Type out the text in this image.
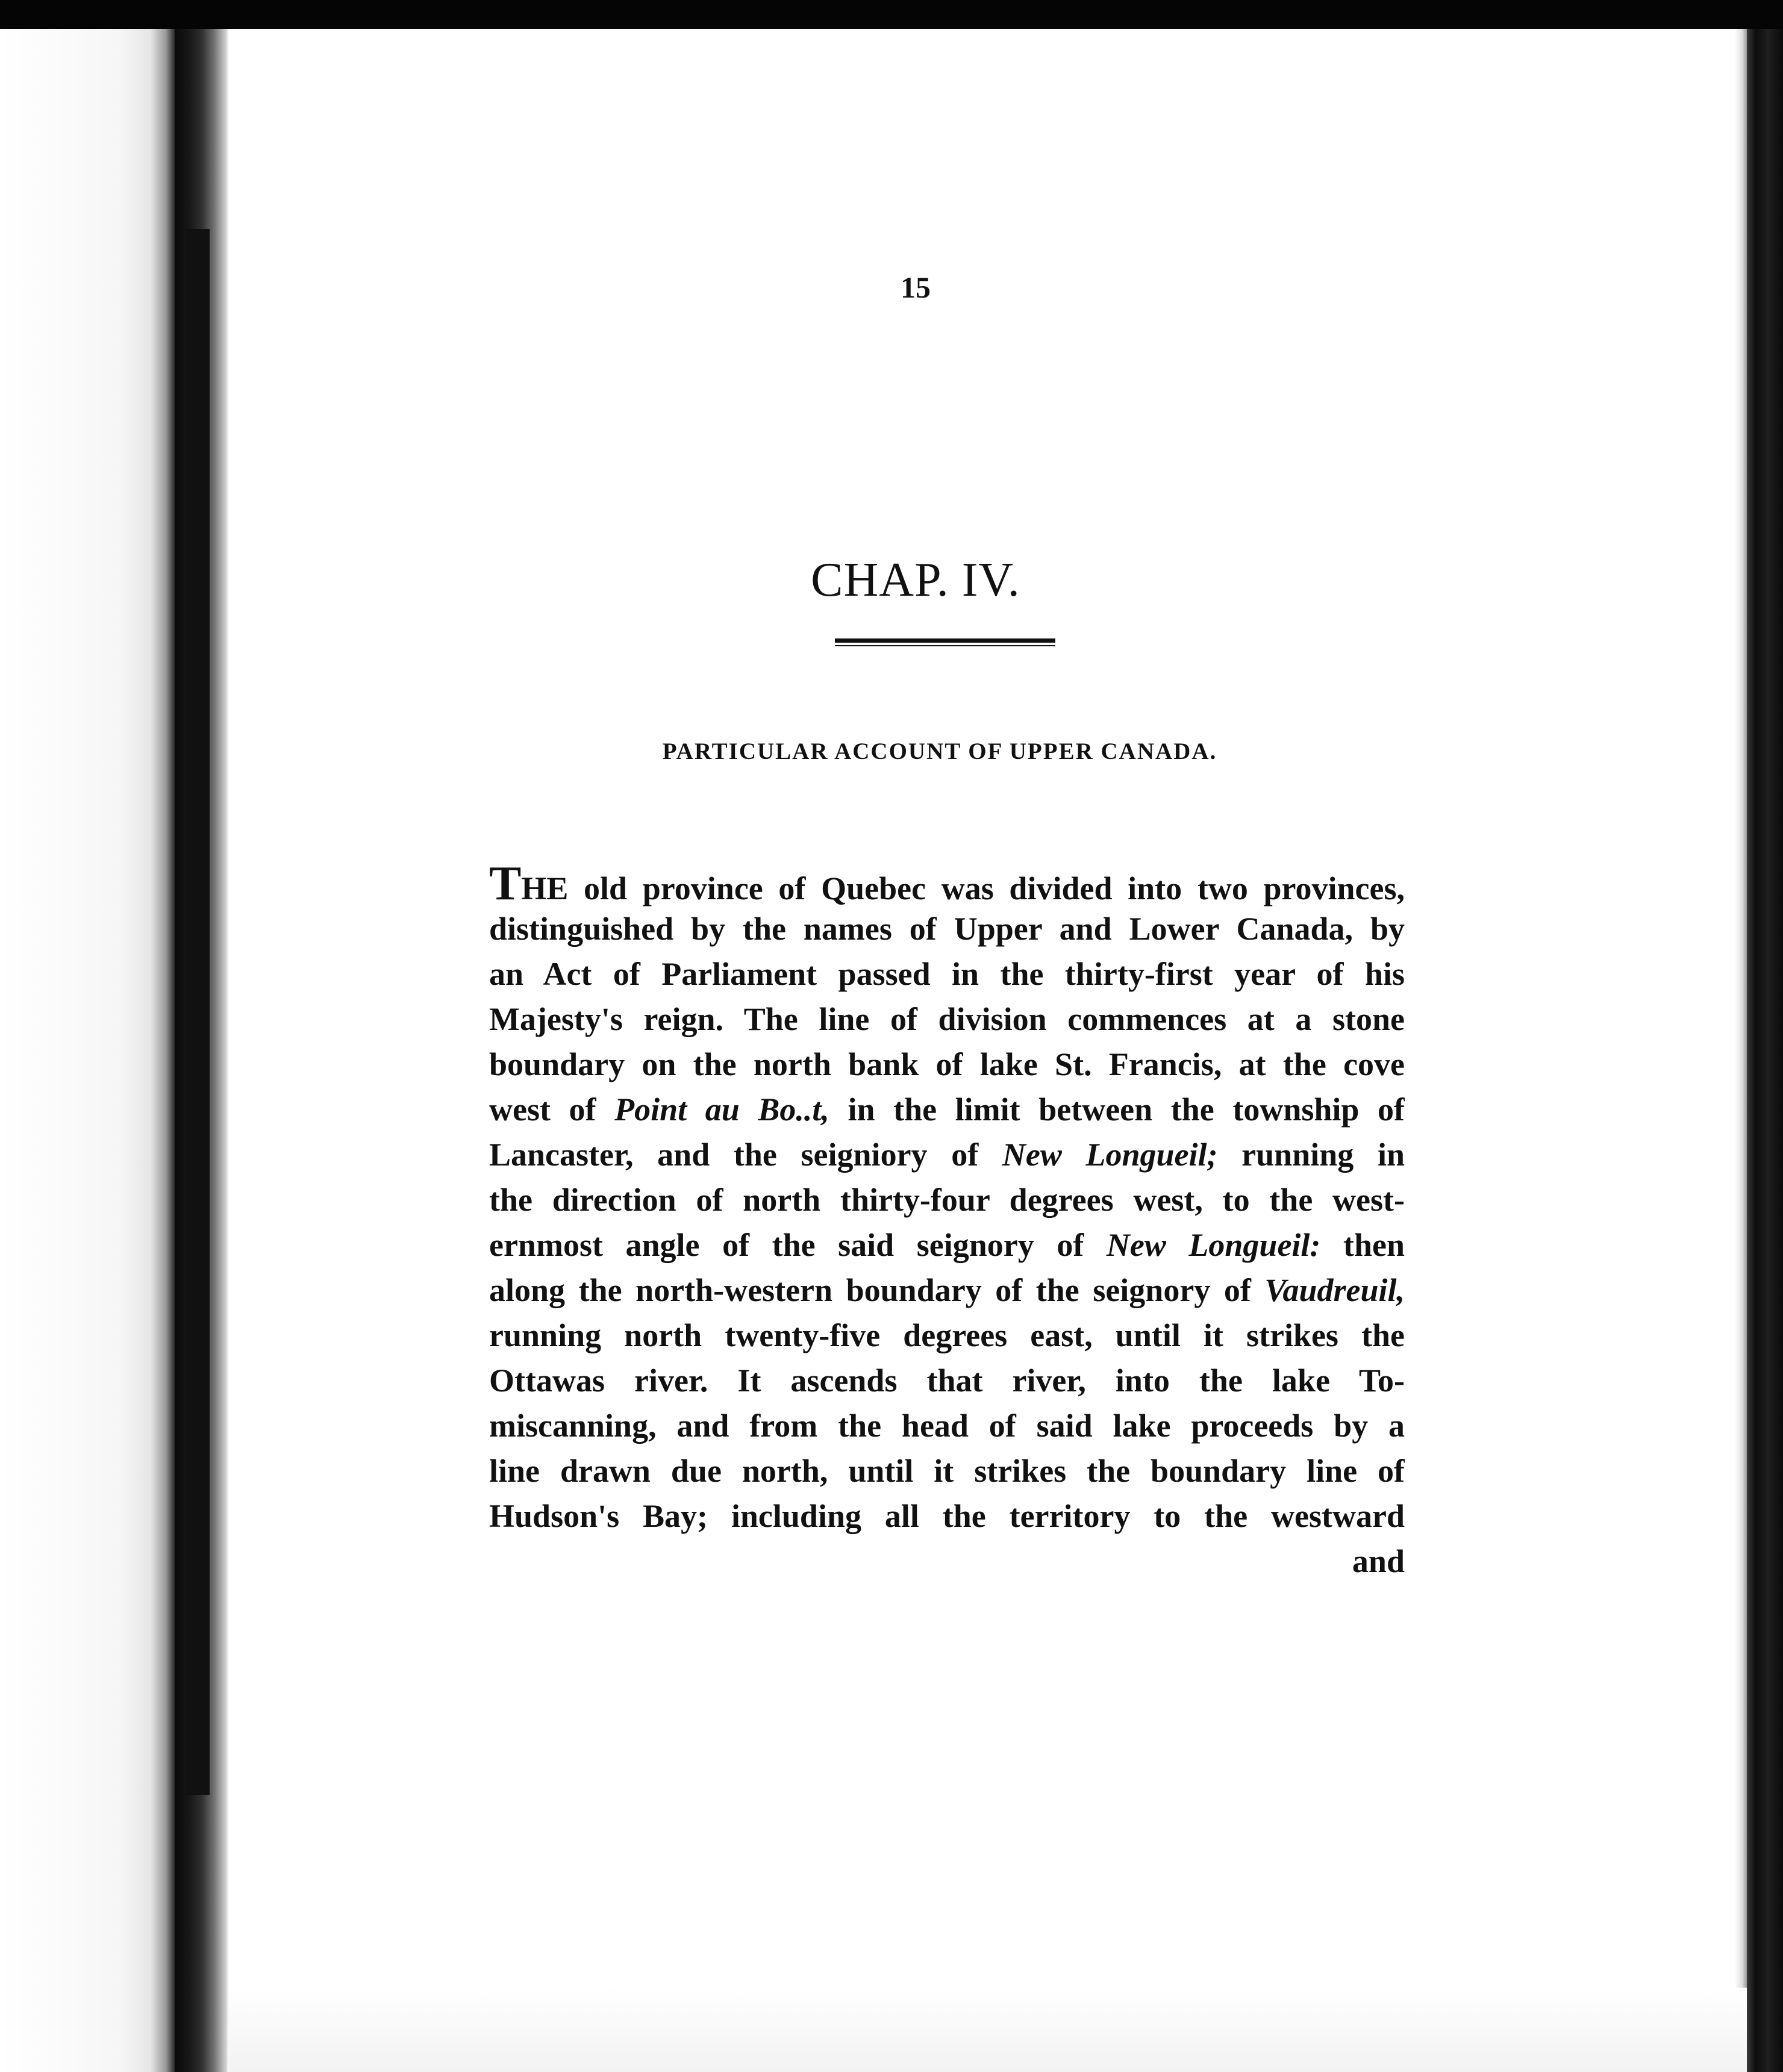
15
CHAP. IV.
PARTICULAR ACCOUNT OF UPPER CANADA.
THE old province of Quebec was divided into two provinces,
distinguished by the names of Upper and Lower Canada, by
an Act of Parliament passed in the thirty-first year of his
Majesty's reign. The line of division commences at a stone
boundary on the north bank of lake St. Francis, at the cove
west of Point au Bo..t, in the limit between the township of
Lancaster, and the seigniory of New Longueil; running in
the direction of north thirty-four degrees west, to the west-
ernmost angle of the said seignory of New Longueil: then
along the north-western boundary of the seignory of Vaudreuil,
running north twenty-five degrees east, until it strikes the
Ottawas river. It ascends that river, into the lake To-
miscanning, and from the head of said lake proceeds by a
line drawn due north, until it strikes the boundary line of
Hudson's Bay; including all the territory to the westward
and
